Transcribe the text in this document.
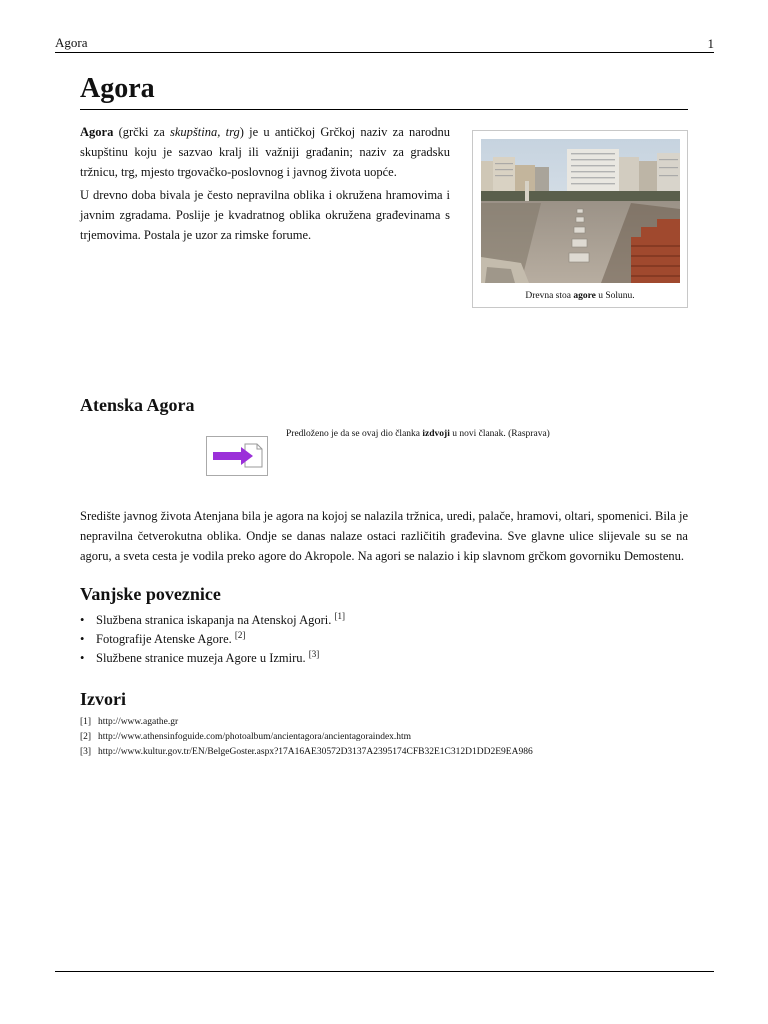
Agora	1
Agora

Agora (grčki za skupština, trg) je u antičkoj Grčkoj naziv za narodnu skupštinu koju je sazvao kralj ili važniji građanin; naziv za gradsku tržnicu, trg, mjesto trgovačko-poslovnog i javnog života uopće.

U drevno doba bivala je često nepravilna oblika i okružena hramovima i javnim zgradama. Poslije je kvadratnog oblika okružena građevinama s trjemovima. Postala je uzor za rimske forume.

Drevna stoa agore u Solunu.
Atenska Agora
Predloženo je da se ovaj dio članka izdvoji u novi članak. (Rasprava)

Središte javnog života Atenjana bila je agora na kojoj se nalazila tržnica, uredi, palače, hramovi, oltari, spomenici. Bila je nepravilna četverokutna oblika. Ondje se danas nalaze ostaci različitih građevina. Sve glavne ulice slijevale su se na agoru, a sveta cesta je vodila preko agore do Akropole. Na agori se nalazio i kip slavnom grčkom govorniku Demostenu.

Vanjske poveznice
• Službena stranica iskapanja na Atenskoj Agori. [1]
• Fotografije Atenske Agore. [2]
• Službene stranice muzeja Agore u Izmiru. [3]
Izvori
[1] http://www.agathe.gr
[2] http://www.athensinfoguide.com/photoalbum/ancientagora/ancientagoraindex.htm
[3] http://www.kultur.gov.tr/EN/BelgeGoster.aspx?17A16AE30572D3137A2395174CFB32E1C312D1DD2E9EA986
